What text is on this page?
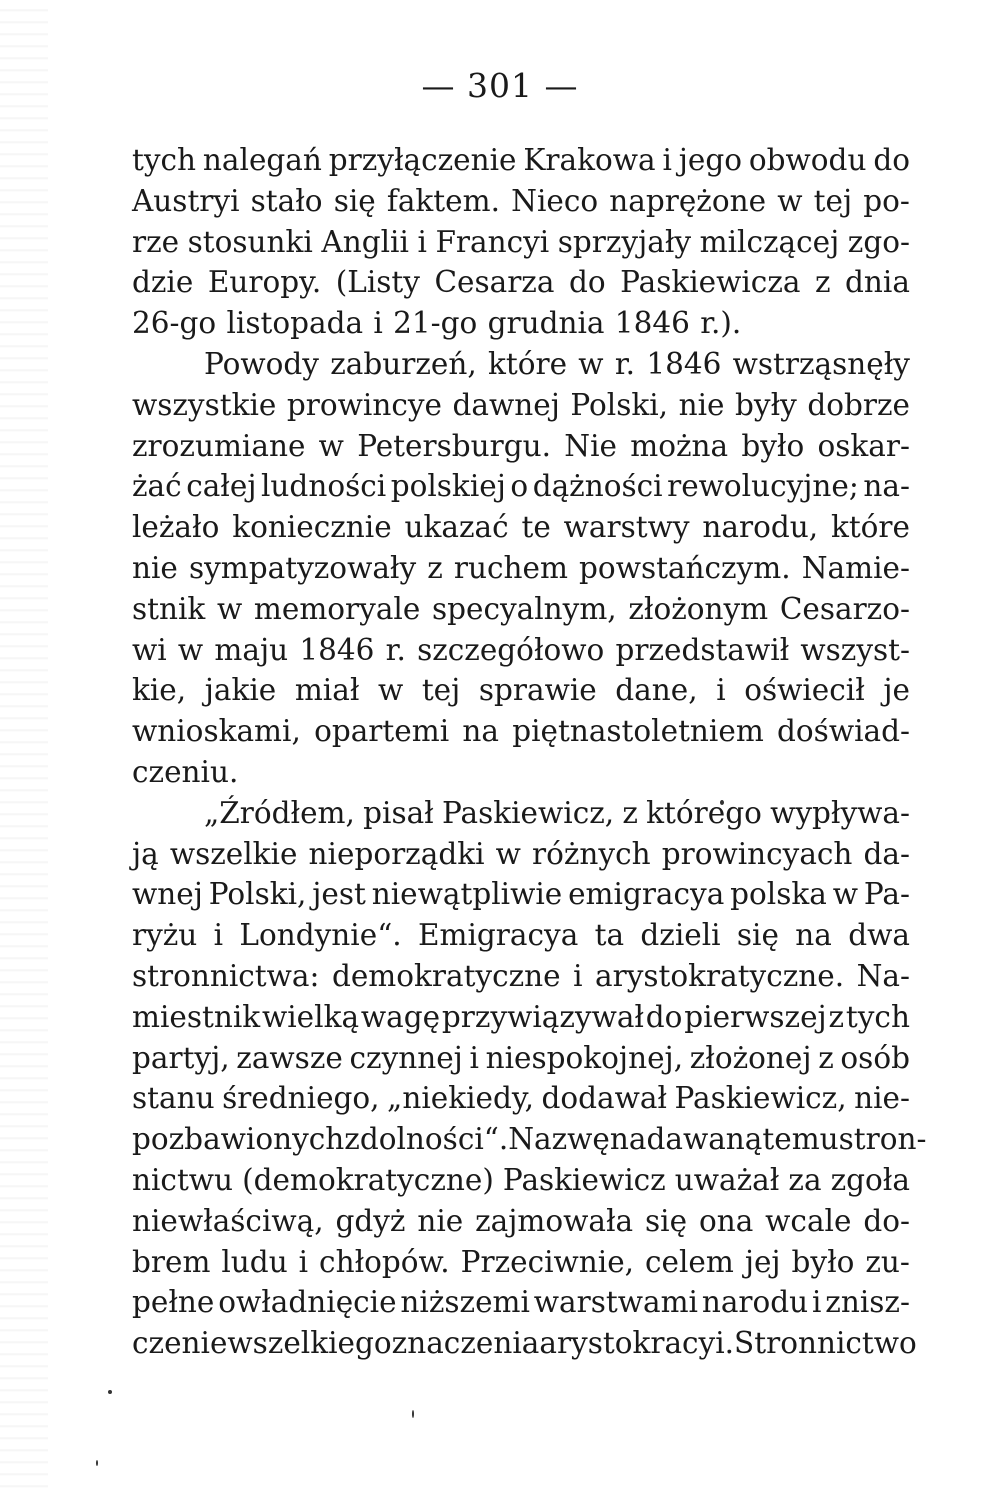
— 301 —
tych nalegań przyłączenie Krakowa i jego obwodu do
Austryi stało się faktem. Nieco naprężone w tej po-
rze stosunki Anglii i Francyi sprzyjały milczącej zgo-
dzie Europy. (Listy Cesarza do Paskiewicza z dnia
26-go listopada i 21-go grudnia 1846 r.).
Powody zaburzeń, które w r. 1846 wstrząsnęły
wszystkie prowincye dawnej Polski, nie były dobrze
zrozumiane w Petersburgu. Nie można było oskar-
żać całej ludności polskiej o dążności rewolucyjne; na-
leżało koniecznie ukazać te warstwy narodu, które
nie sympatyzowały z ruchem powstańczym. Namie-
stnik w memoryale specyalnym, złożonym Cesarzo-
wi w maju 1846 r. szczegółowo przedstawił wszyst-
kie, jakie miał w tej sprawie dane, i oświecił je
wnioskami, opartemi na piętnastoletniem doświad-
czeniu.
„Źródłem, pisał Paskiewicz, z którego wypływa-
ją wszelkie nieporządki w różnych prowincyach da-
wnej Polski, jest niewątpliwie emigracya polska w Pa-
ryżu i Londynie“. Emigracya ta dzieli się na dwa
stronnictwa: demokratyczne i arystokratyczne. Na-
miestnik wielką wagę przywiązywał do pierwszej z tych
partyj, zawsze czynnej i niespokojnej, złożonej z osób
stanu średniego, „niekiedy, dodawał Paskiewicz, nie-
pozbawionych zdolności“. Nazwę nadawaną temu stron-
nictwu (demokratyczne) Paskiewicz uważał za zgoła
niewłaściwą, gdyż nie zajmowała się ona wcale do-
brem ludu i chłopów. Przeciwnie, celem jej było zu-
pełne owładnięcie niższemi warstwami narodu i znisz-
czenie wszelkiego znaczenia arystokracyi. Stronnictwo
